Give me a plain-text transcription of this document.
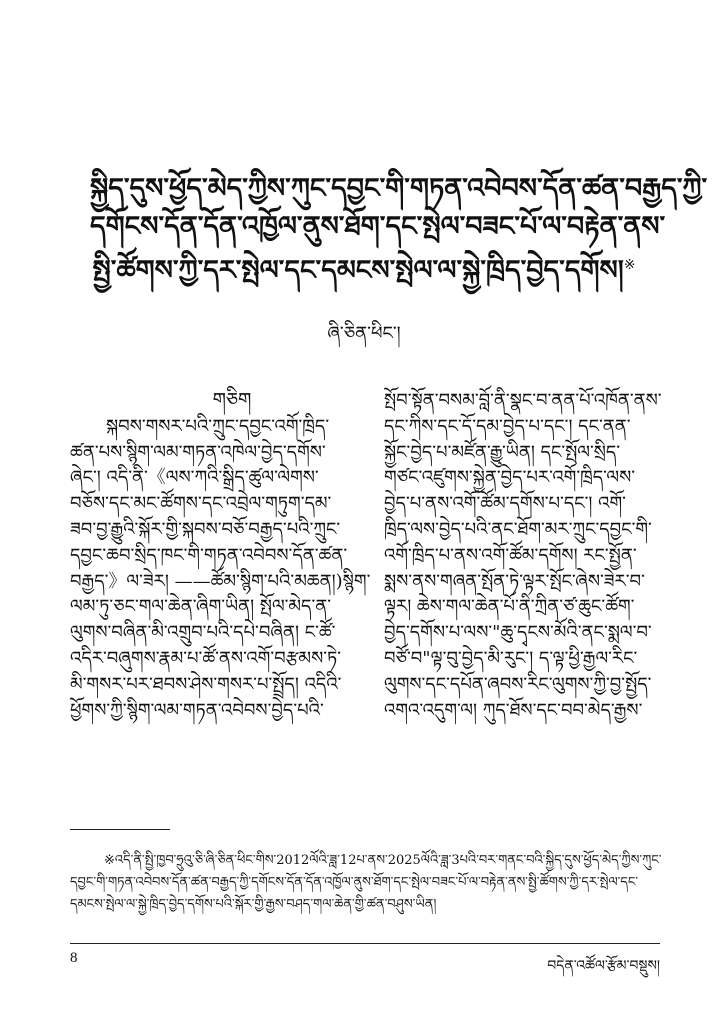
སྐྱིད་དུས་ཕྱོད་མེད་ཀྱིས་ཀུང་དབྱང་གི་གཏན་འབེབས་དོན་ཚན་བརྒྱད་ཀྱི་
དགོངས་དོན་དོན་འཁྱོལ་ནུས་ཐོག་དང་སྤེལ་བཟང་པོ་ལ་བརྟེན་ནས་
སྤྱི་ཚོགས་ཀྱི་དར་སྤེལ་དང་དམངས་སྤེལ་ལ་སྐྱེ་ཁྲིད་བྱེད་དགོས།※
ཞི་ཅིན་ཕིང་།
གཅིག
སྐབས་གསར་པའི་ཀྲུང་དབྱང་འགོ་ཁྲིད་
ཚན་པས་སྙིག་ལམ་གཏན་འཁེལ་བྱེད་དགོས་
ཞེང་། འདི་ནི་《ལས་ཀའི་སྒྲིད་ཚུལ་ལེགས་
བཅོས་དང་མང་ཚོགས་དང་འབྲེལ་གཏུག་དམ་
ཟབ་བྱ་རྒྱུའི་སྐོར་གྱི་སྐབས་བཅོ་བརྒྱད་པའི་ཀྲུང་
དབྱང་ཆབ་སྲིད་ཁང་གི་གཏན་འབེབས་དོན་ཚན་
བརྒྱད་》ལ་ཟེར། ——ཚོམ་སྙིག་པའི་མཆན།)སྙིག་
ལམ་ཏུ་ཅང་གལ་ཆེན་ཞིག་ཡིན། སྤོལ་མེད་ན་
ལུགས་བཞིན་མི་འགྲུབ་པའི་དཔེ་བཞིན། ང་ཚོ་
འདིར་བཞུགས་རྣམ་པ་ཚོ་ནས་འགོ་བརྩམས་ཏེ་
མི་གསར་པར་ཐབས་ཤེས་གསར་པ་སྤྲོད། འདིའི་
ཕྱོགས་ཀྱི་སྙིག་ལམ་གཏན་འབེབས་བྱེད་པའི་
སྤོབ་སྟོན་བསམ་བློ་ནི་སྣང་བ་ནན་པོ་འཁོན་ནས་
དང་ཀིས་དང་དོ་དམ་བྱེད་པ་དང་། དང་ནན་
སྐྱོང་བྱེད་པ་མཛོན་རྒྱུ་ཡིན། དང་སྤོལ་སྲིད་
གཙང་འཛུགས་སྐྱེན་བྱེད་པར་འགོ་ཁྲིད་ལས་
བྱེད་པ་ནས་འགོ་ཚོམ་དགོས་པ་དང་། འགོ་
ཁྲིད་ལས་བྱེད་པའི་ནང་ཐོག་མར་ཀྲུང་དབྱང་གི་
འགོ་ཁྲིད་པ་ནས་འགོ་ཚོམ་དགོས། རང་སྤྱོན་
སྨས་ནས་གཞན་སྤོན་ཏེ་ལྟར་སྤོང་ཞེས་ཟེར་བ་
ལྟར། ཆེས་གལ་ཆེན་པོ་ནི་ཀྲིན་ཙ་ཆུང་ཚོག་
བྱེད་དགོས་པ་ལས་"ཆུ་དྭངས་མོའི་ནང་སྨལ་བ་
བཙོ་བ"ལྟ་བུ་བྱེད་མི་རུང་། ད་ལྟ་ཕྱི་རྒྱལ་རིང་
ལུགས་དང་དཔོན་ཞབས་རིང་ལུགས་ཀྱི་བྱ་སྤྱོད་
འགའ་འདུག་ལ། ཀུད་ཐོས་དང་བབ་མེད་རྒྱས་
※འདི་ནི་སྤྱི་ཁྱབ་ཧྲུའུ་ཅི་ཞི་ཅིན་ཕིང་གིས་2012ལོའི་ཟླ་12པ་ནས་2025ལོའི་ཟླ་3པའི་བར་གནང་བའི་སྐྱིད་དུས་ཕྱོད་མེད་ཀྱིས་ཀུང་
དབྱང་གི་གཏན་འབེབས་དོན་ཚན་བརྒྱད་ཀྱི་དགོངས་དོན་དོན་འཁྱོལ་ནུས་ཐོག་དང་སྤེལ་བཟང་པོ་ལ་བརྟེན་ནས་སྤྱི་ཚོགས་ཀྱི་དར་སྤེལ་དང་
དམངས་སྤེལ་ལ་སྐྱེ་ཁྲིད་བྱེད་དགོས་པའི་སྐོར་གྱི་རྒྱས་བཤད་གལ་ཆེན་གྱི་ཚན་བཤུས་ཡིན།
8	བདེན་འཚོལ་རྩོམ་བསྡུས།
